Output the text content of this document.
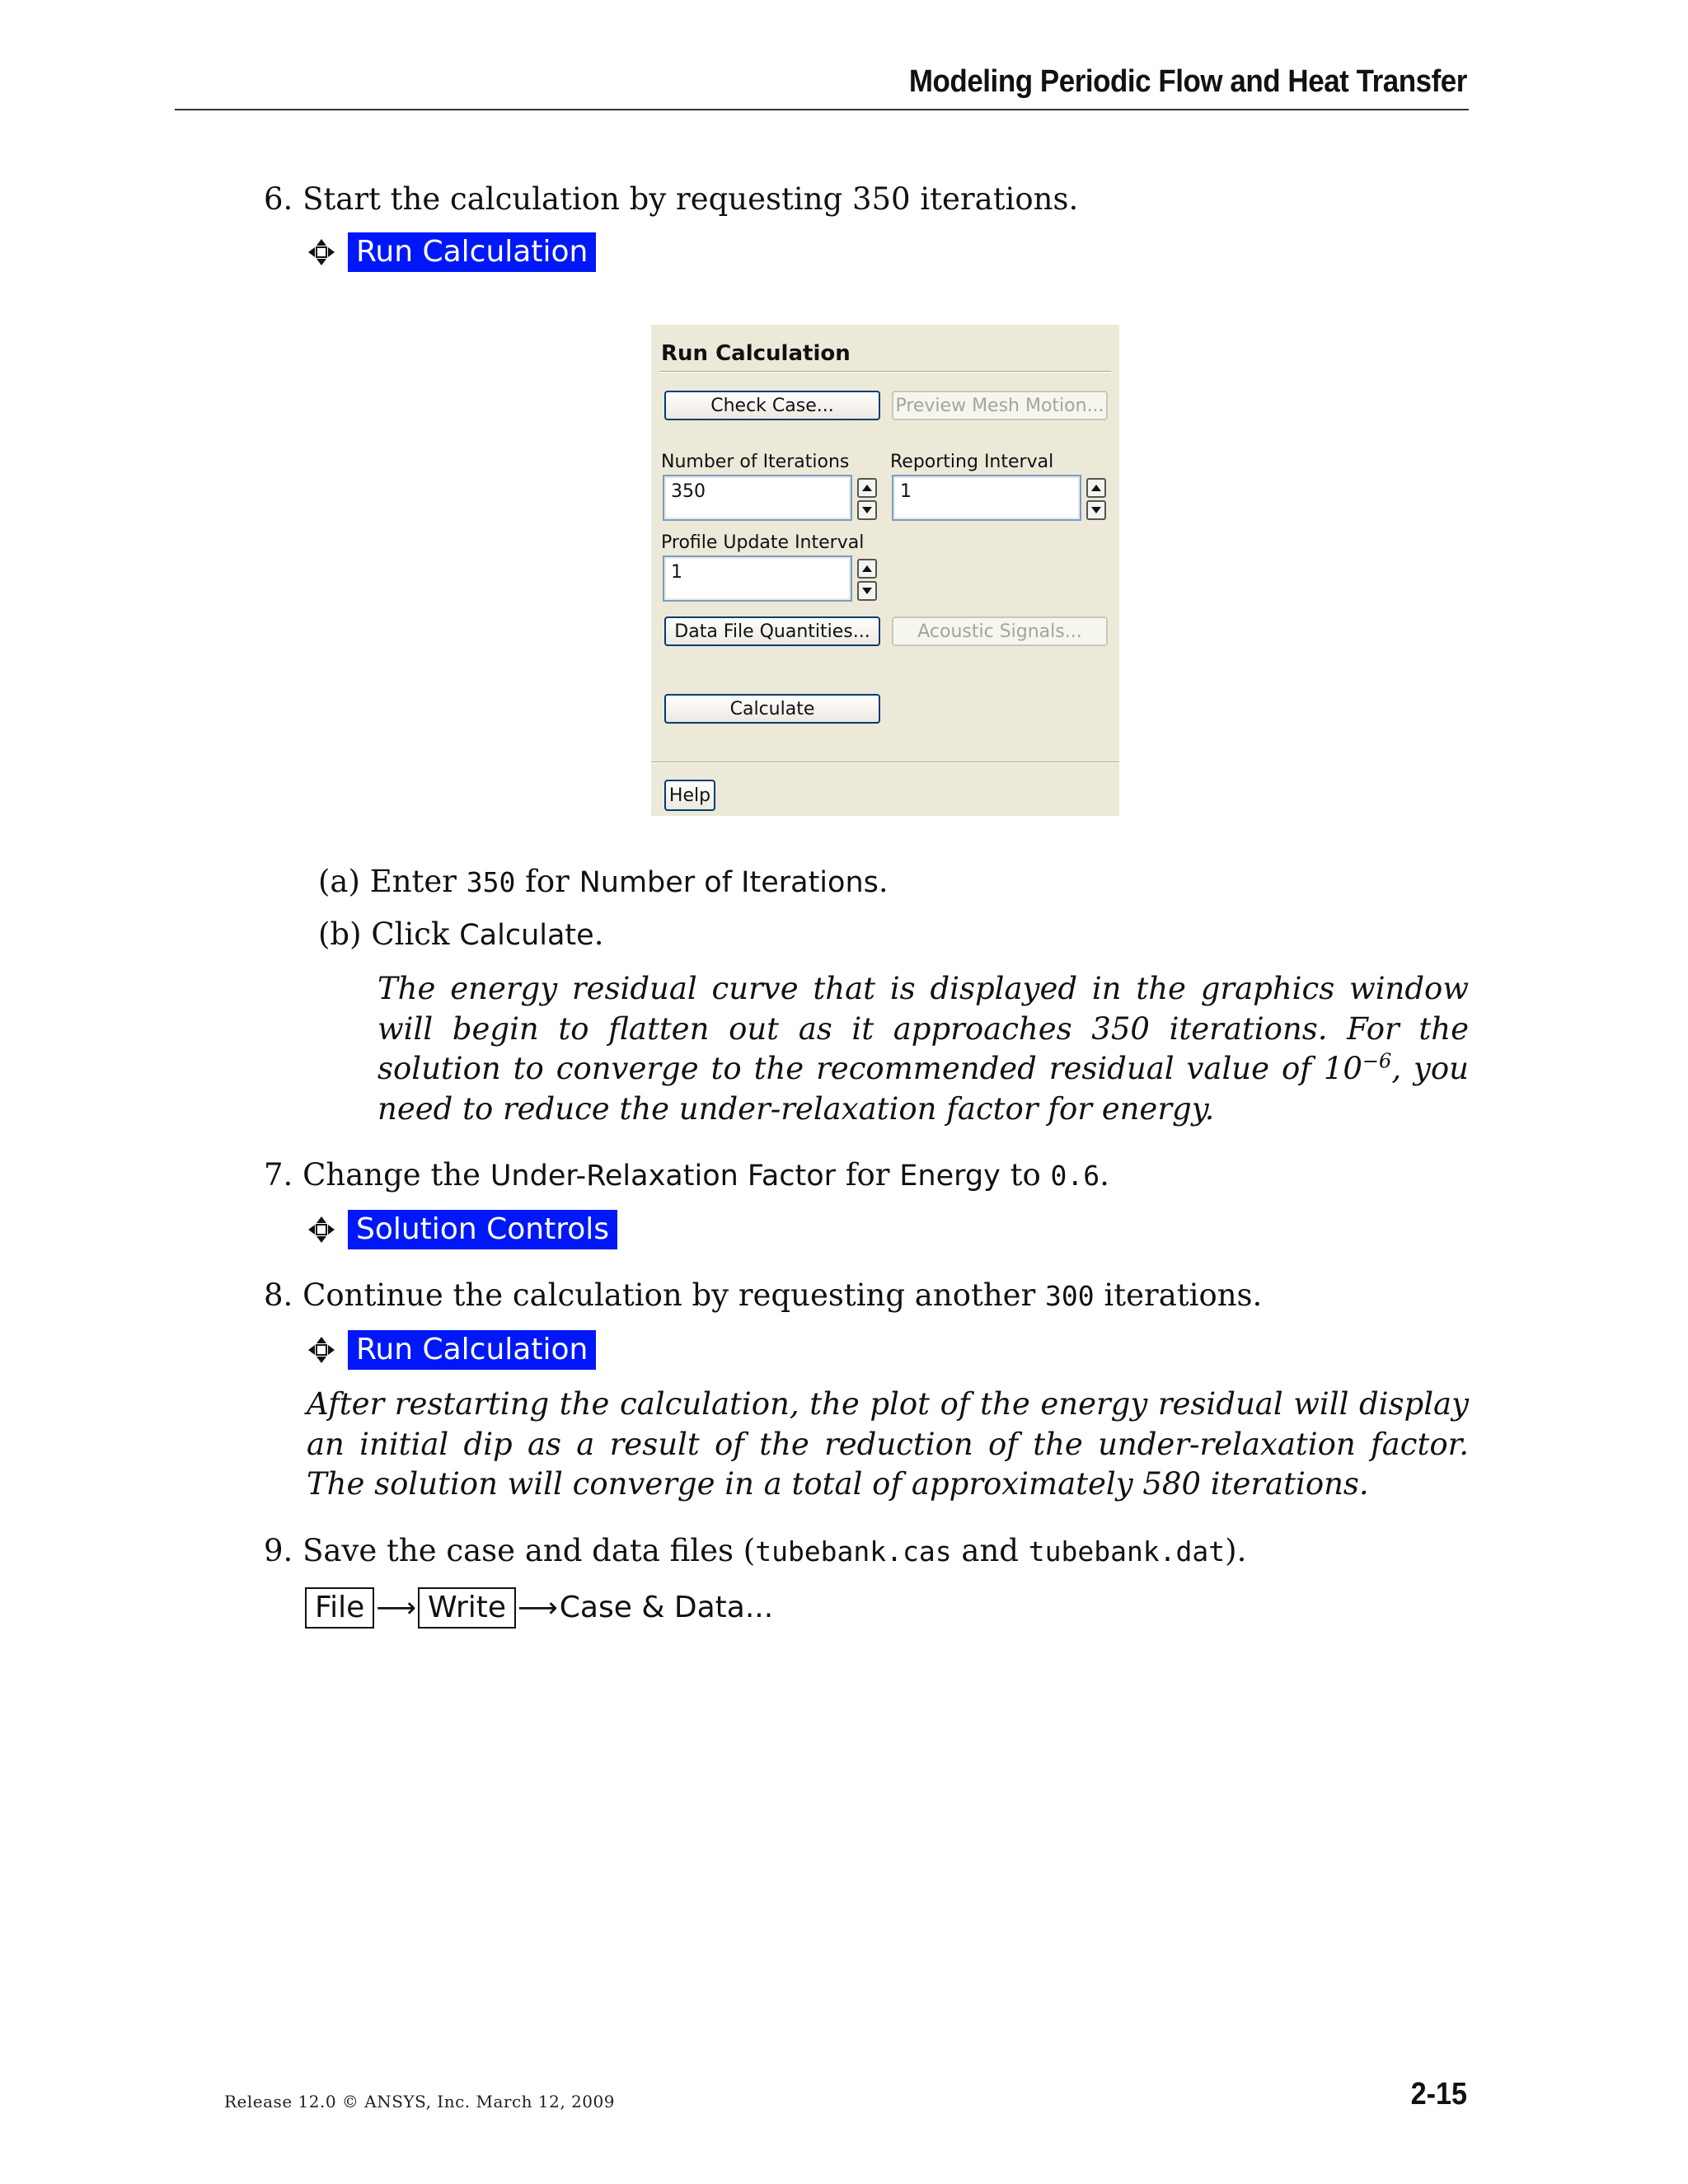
Modeling Periodic Flow and Heat Transfer
6. Start the calculation by requesting 350 iterations.
Run Calculation
Run Calculation
Check Case...	Preview Mesh Motion...
Number of Iterations Reporting Interval
350	1
Profile Update Interval
1
Data File Quantities...	Acoustic Signals...
Calculate
Help
(a) Enter 350 for Number of Iterations.
(b) Click Calculate.
The energy residual curve that is displayed in the graphics window will begin to flatten out as it approaches 350 iterations. For the solution to converge to the recommended residual value of $10^{-6}$, you need to reduce the under-relaxation factor for energy.
7. Change the Under-Relaxation Factor for Energy to 0.6.
Solution Controls
8. Continue the calculation by requesting another 300 iterations.
Run Calculation
After restarting the calculation, the plot of the energy residual will display an initial dip as a result of the reduction of the under-relaxation factor. The solution will converge in a total of approximately 580 iterations.
9. Save the case and data files (tubebank.cas and tubebank.dat).
File ⟶ Write ⟶Case & Data...
Release 12.0 © ANSYS, Inc. March 12, 2009	2-15
